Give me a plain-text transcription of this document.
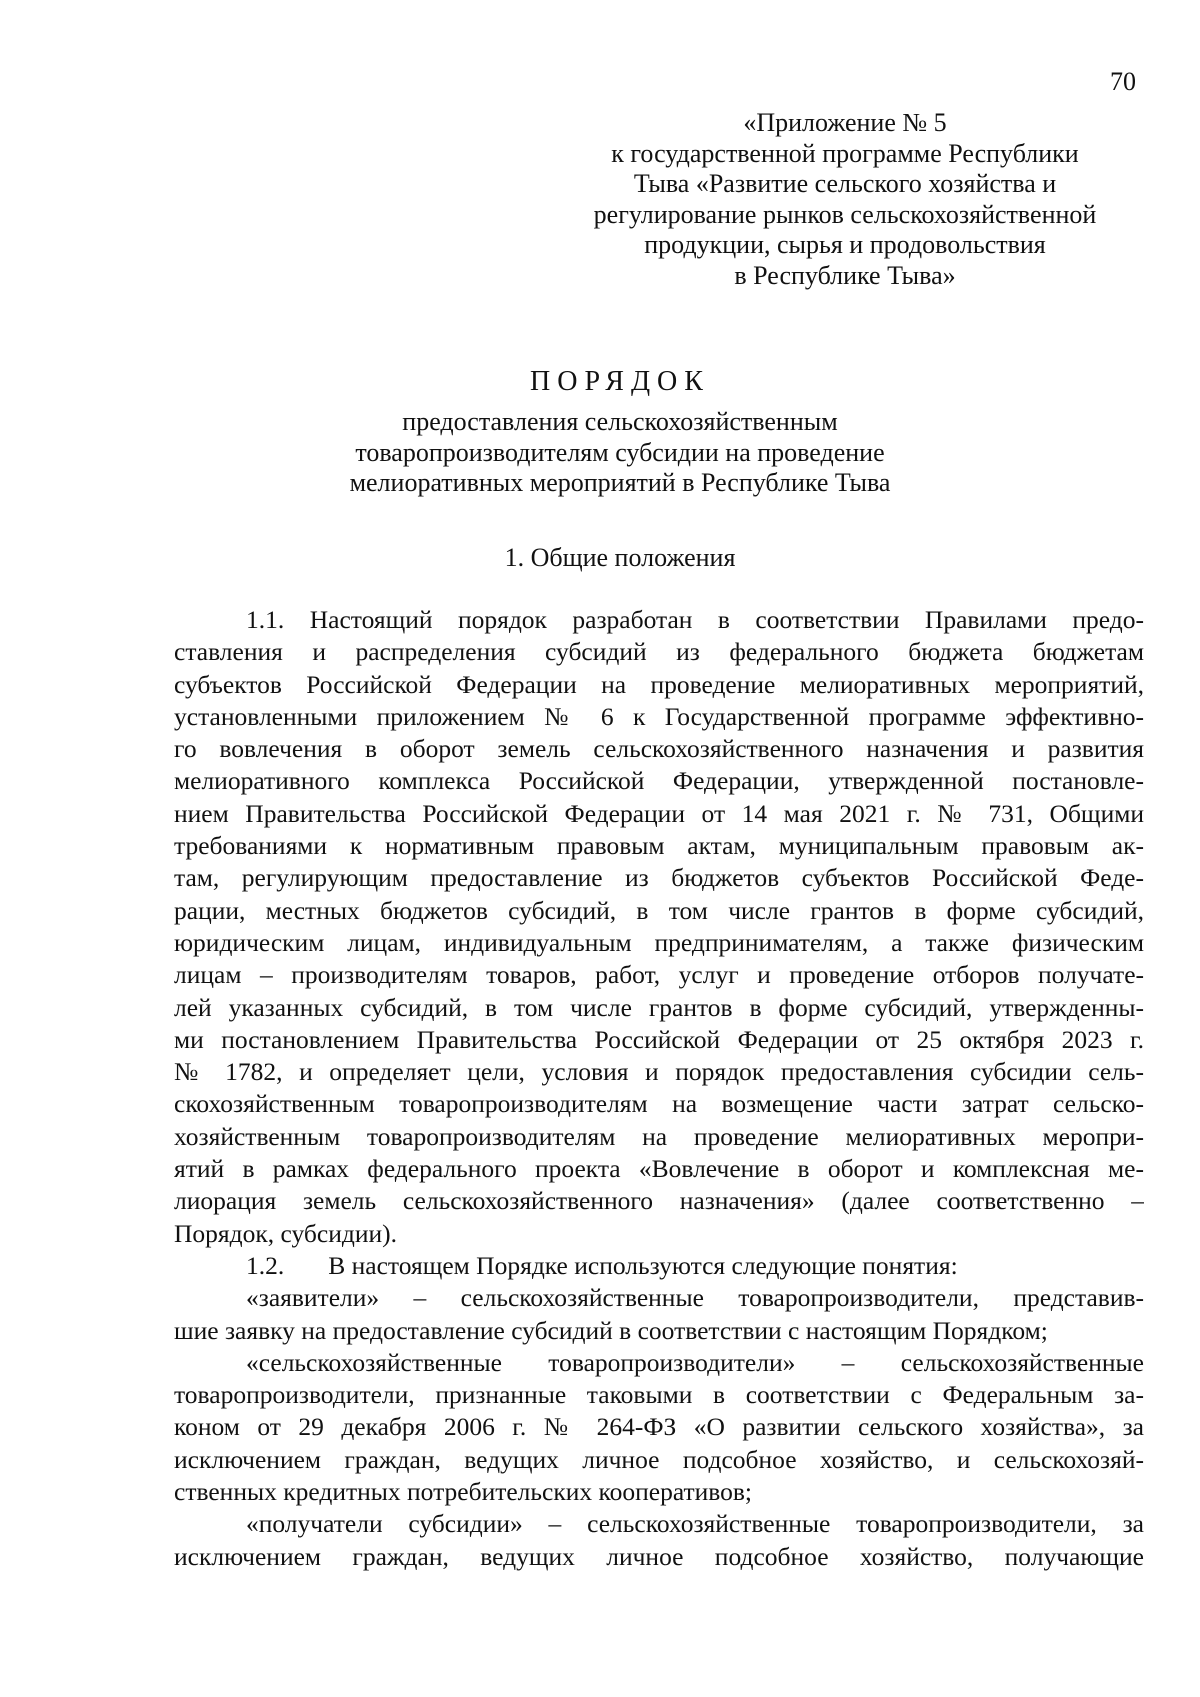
70
«Приложение № 5
к государственной программе Республики
Тыва «Развитие сельского хозяйства и
регулирование рынков сельскохозяйственной
продукции, сырья и продовольствия
в Республике Тыва»
ПОРЯДОК
предоставления сельскохозяйственным
товаропроизводителям субсидии на проведение
мелиоративных мероприятий в Республике Тыва
1. Общие положения
1.1. Настоящий порядок разработан в соответствии Правилами предо-
ставления и распределения субсидий из федерального бюджета бюджетам
субъектов Российской Федерации на проведение мелиоративных мероприятий,
установленными приложением № 6 к Государственной программе эффективно-
го вовлечения в оборот земель сельскохозяйственного назначения и развития
мелиоративного комплекса Российской Федерации, утвержденной постановле-
нием Правительства Российской Федерации от 14 мая 2021 г. № 731, Общими
требованиями к нормативным правовым актам, муниципальным правовым ак-
там, регулирующим предоставление из бюджетов субъектов Российской Феде-
рации, местных бюджетов субсидий, в том числе грантов в форме субсидий,
юридическим лицам, индивидуальным предпринимателям, а также физическим
лицам – производителям товаров, работ, услуг и проведение отборов получате-
лей указанных субсидий, в том числе грантов в форме субсидий, утвержденны-
ми постановлением Правительства Российской Федерации от 25 октября 2023 г.
№ 1782, и определяет цели, условия и порядок предоставления субсидии сель-
скохозяйственным товаропроизводителям на возмещение части затрат сельско-
хозяйственным товаропроизводителям на проведение мелиоративных меропри-
ятий в рамках федерального проекта «Вовлечение в оборот и комплексная ме-
лиорация земель сельскохозяйственного назначения» (далее соответственно –
Порядок, субсидии).
1.2. В настоящем Порядке используются следующие понятия:
«заявители» – сельскохозяйственные товаропроизводители, представив-
шие заявку на предоставление субсидий в соответствии с настоящим Порядком;
«сельскохозяйственные товаропроизводители» – сельскохозяйственные
товаропроизводители, признанные таковыми в соответствии с Федеральным за-
коном от 29 декабря 2006 г. № 264-ФЗ «О развитии сельского хозяйства», за
исключением граждан, ведущих личное подсобное хозяйство, и сельскохозяй-
ственных кредитных потребительских кооперативов;
«получатели субсидии» – сельскохозяйственные товаропроизводители, за
исключением граждан, ведущих личное подсобное хозяйство, получающие
